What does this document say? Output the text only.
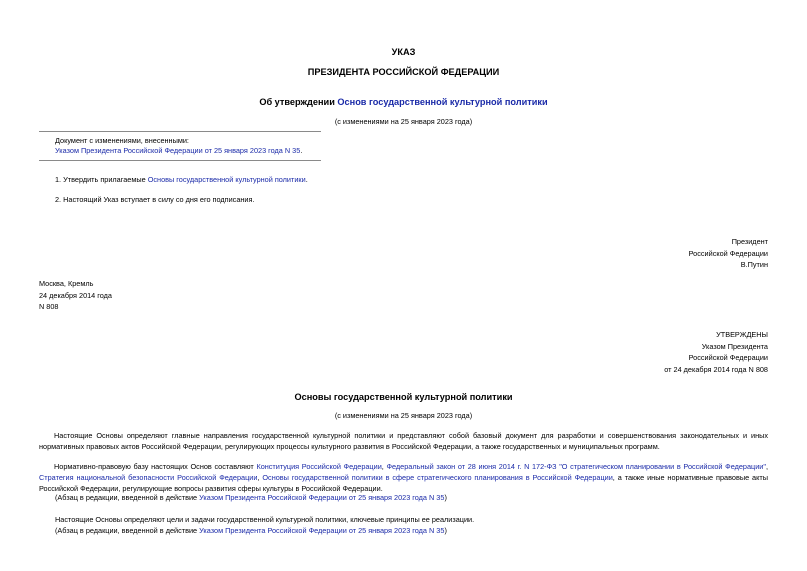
УКАЗ

ПРЕЗИДЕНТА РОССИЙСКОЙ ФЕДЕРАЦИИ

Об утверждении Основ государственной культурной политики

(с изменениями на 25 января 2023 года)

Документ с изменениями, внесенными:

Указом Президента Российской Федерации от 25 января 2023 года N 35.

1. Утвердить прилагаемые Основы государственной культурной политики.

2. Настоящий Указ вступает в силу со дня его подписания.

Президент
Российской Федерации
В.Путин
Москва, Кремль
24 декабря 2014 года
N 808
УТВЕРЖДЕНЫ
Указом Президента
Российской Федерации
от 24 декабря 2014 года N 808

Основы государственной культурной политики

(с изменениями на 25 января 2023 года)

Настоящие Основы определяют главные направления государственной культурной политики и представляют собой базовый документ для разработки и совершенствования законодательных и иных нормативных правовых актов Российской Федерации, регулирующих процессы культурного развития в Российской Федерации, а также государственных и муниципальных программ.

Нормативно-правовую базу настоящих Основ составляют Конституция Российской Федерации, Федеральный закон от 28 июня 2014 г. N 172-ФЗ "О стратегическом планировании в Российской Федерации", Стратегия национальной безопасности Российской Федерации, Основы государственной политики в сфере стратегического планирования в Российской Федерации, а также иные нормативные правовые акты Российской Федерации, регулирующие вопросы развития сферы культуры в Российской Федерации.

(Абзац в редакции, введенной в действие Указом Президента Российской Федерации от 25 января 2023 года N 35)

Настоящие Основы определяют цели и задачи государственной культурной политики, ключевые принципы ее реализации.

(Абзац в редакции, введенной в действие Указом Президента Российской Федерации от 25 января 2023 года N 35)
